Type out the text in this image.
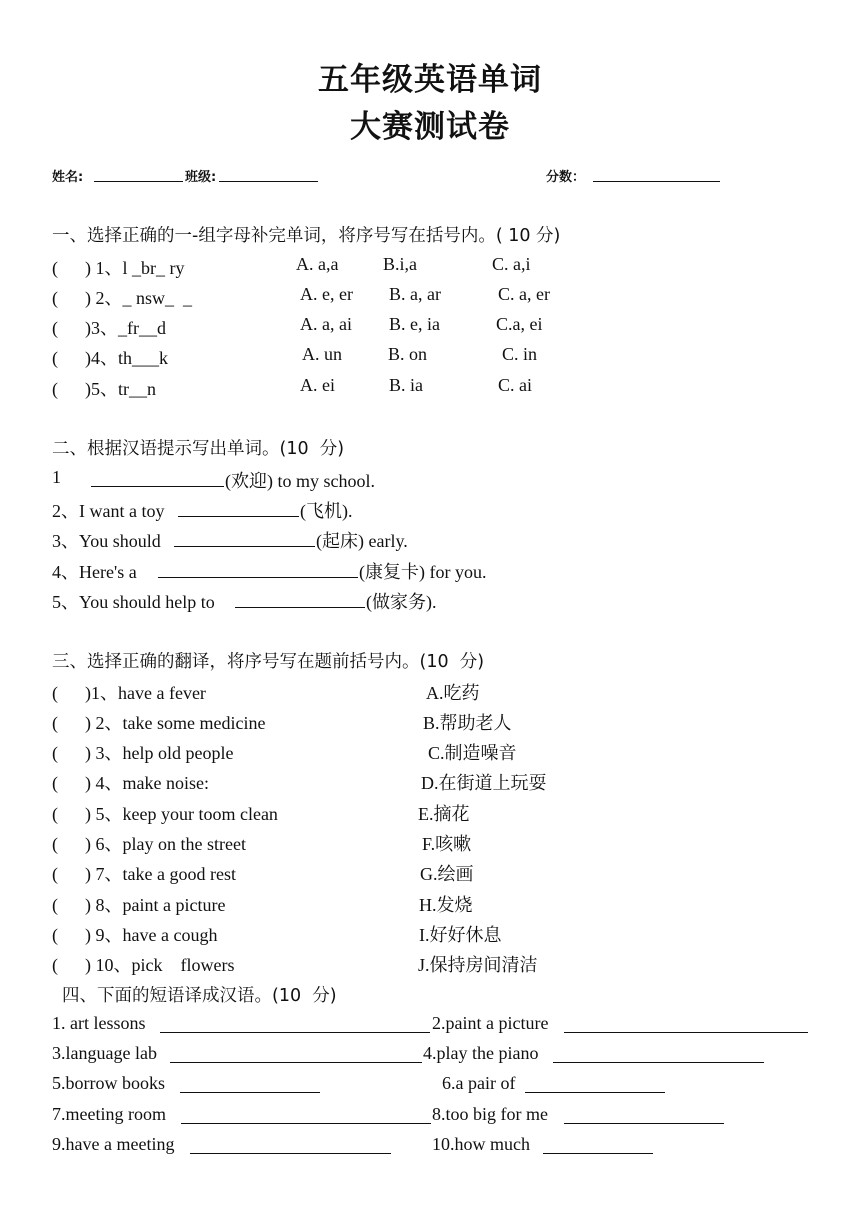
五年级英语单词
大赛测试卷
姓名:	班级:	分数：
一、选择正确的一-组字母补完单词，将序号写在括号内。( 10 分)
(      ) 1、l _br_ ry	A. a,a B.i,a	C. a,i
(      ) 2、_ nsw_  _	A. e, er B. a, ar	C. a, er
(      )3、_fr__d	A. a, ai B. e, ia	C.a, ei
(      )4、th___k	A. un	B. on	C. in
(      )5、tr__n	A. ei	B. ia	C. ai
二、根据汉语提示写出单词。(10  分)
1	(欢迎) to my school.
2、I want a toy	(飞机).
3、You should	(起床) early.
4、Here's a	(康复卡) for you.
5、You should help to	(做家务).
三、选择正确的翻译，将序号写在题前括号内。(10  分)
(      )1、have a fever	A.吃药
(      ) 2、take some medicine	B.帮助老人
(      ) 3、help old people	C.制造噪音
(      ) 4、make noise:	D.在街道上玩耍
(      ) 5、keep your toom clean	E.摘花
(      ) 6、play on the street	F.咳嗽
(      ) 7、take a good rest	G.绘画
(      ) 8、paint a picture	H.发烧
(      ) 9、have a cough	I.好好休息
(      ) 10、pick    flowers	J.保持房间清洁
四、下面的短语译成汉语。(10  分)
1. art lessons	2.paint a picture
3.language lab	4.play the piano
5.borrow books	6.a pair of
7.meeting room	8.too big for me
9.have a meeting	10.how much
